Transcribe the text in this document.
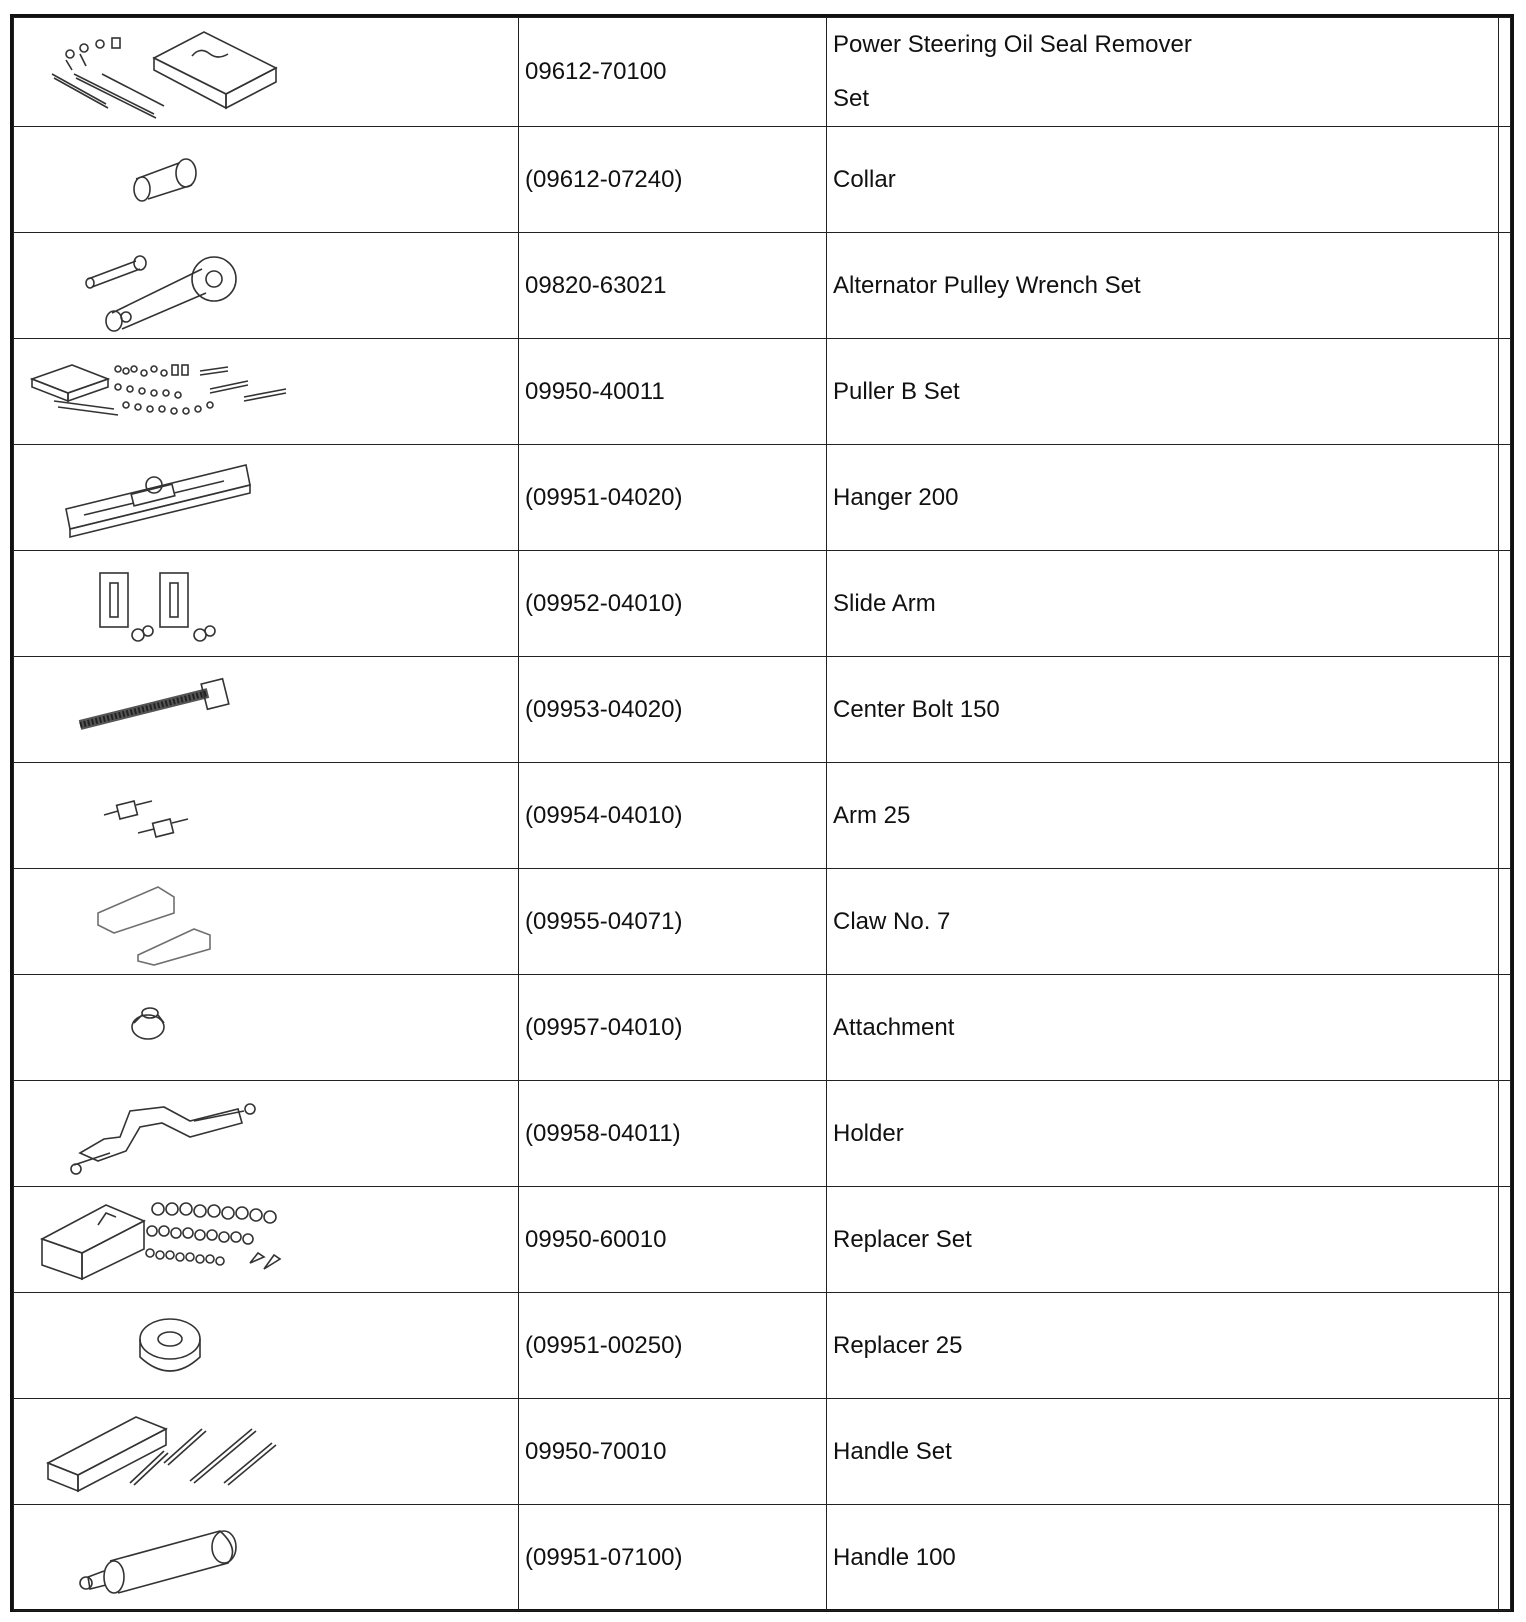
	09612-70100	Power Steering Oil Seal Remover
Set	

	(09612-07240)	Collar	

	09820-63021	Alternator Pulley Wrench Set	

	09950-40011	Puller B Set	

	(09951-04020)	Hanger 200	

	(09952-04010)	Slide Arm	

	(09953-04020)	Center Bolt 150	

	(09954-04010)	Arm 25	

	(09955-04071)	Claw No. 7	

	(09957-04010)	Attachment	

	(09958-04011)	Holder	

	09950-60010	Replacer Set	

	(09951-00250)	Replacer 25	

	09950-70010	Handle Set	

	(09951-07100)	Handle 100	
